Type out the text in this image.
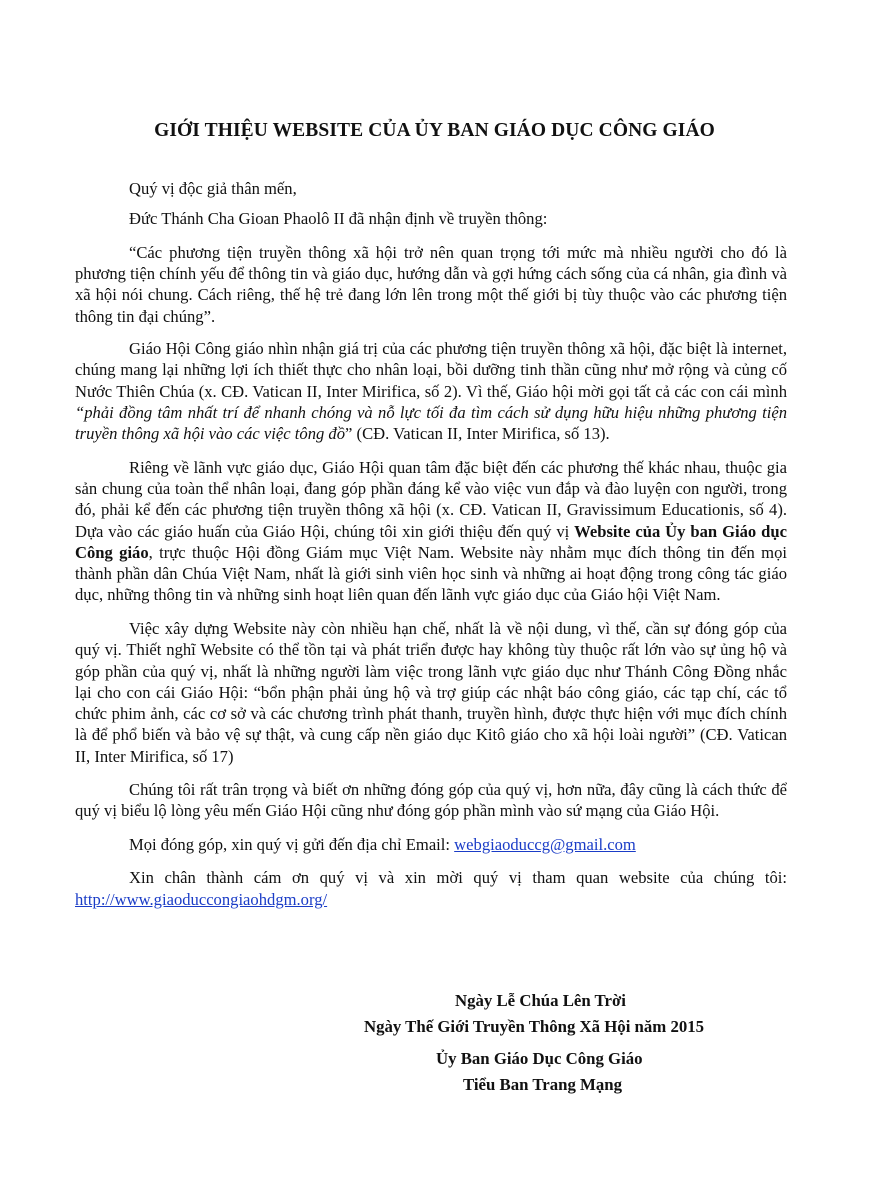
GIỚI THIỆU WEBSITE CỦA ỦY BAN GIÁO DỤC CÔNG GIÁO

Quý vị độc giả thân mến,

Đức Thánh Cha Gioan Phaolô II đã nhận định về truyền thông:

“Các phương tiện truyền thông xã hội trở nên quan trọng tới mức mà nhiều người cho đó là phương tiện chính yếu để thông tin và giáo dục, hướng dẫn và gợi hứng cách sống của cá nhân, gia đình và xã hội nói chung. Cách riêng, thế hệ trẻ đang lớn lên trong một thế giới bị tùy thuộc vào các phương tiện thông tin đại chúng”.

Giáo Hội Công giáo nhìn nhận giá trị của các phương tiện truyền thông xã hội, đặc biệt là internet, chúng mang lại những lợi ích thiết thực cho nhân loại, bồi dưỡng tinh thần cũng như mở rộng và củng cố Nước Thiên Chúa (x. CĐ. Vatican II, Inter Mirifica, số 2). Vì thế, Giáo hội mời gọi tất cả các con cái mình “phải đồng tâm nhất trí để nhanh chóng và nỗ lực tối đa tìm cách sử dụng hữu hiệu những phương tiện truyền thông xã hội vào các việc tông đồ” (CĐ. Vatican II, Inter Mirifica, số 13).

Riêng về lãnh vực giáo dục, Giáo Hội quan tâm đặc biệt đến các phương thế khác nhau, thuộc gia sản chung của toàn thể nhân loại, đang góp phần đáng kể vào việc vun đắp và đào luyện con người, trong đó, phải kể đến các phương tiện truyền thông xã hội (x. CĐ. Vatican II, Gravissimum Educationis, số 4). Dựa vào các giáo huấn của Giáo Hội, chúng tôi xin giới thiệu đến quý vị Website của Ủy ban Giáo dục Công giáo, trực thuộc Hội đồng Giám mục Việt Nam. Website này nhằm mục đích thông tin đến mọi thành phần dân Chúa Việt Nam, nhất là giới sinh viên học sinh và những ai hoạt động trong công tác giáo dục, những thông tin và những sinh hoạt liên quan đến lãnh vực giáo dục của Giáo hội Việt Nam.

Việc xây dựng Website này còn nhiều hạn chế, nhất là về nội dung, vì thế, cần sự đóng góp của quý vị. Thiết nghĩ Website có thể tồn tại và phát triển được hay không tùy thuộc rất lớn vào sự ủng hộ và góp phần của quý vị, nhất là những người làm việc trong lãnh vực giáo dục như Thánh Công Đồng nhắc lại cho con cái Giáo Hội: “bổn phận phải ủng hộ và trợ giúp các nhật báo công giáo, các tạp chí, các tổ chức phim ảnh, các cơ sở và các chương trình phát thanh, truyền hình, được thực hiện với mục đích chính là để phổ biến và bảo vệ sự thật, và cung cấp nền giáo dục Kitô giáo cho xã hội loài người” (CĐ. Vatican II, Inter Mirifica, số 17)

Chúng tôi rất trân trọng và biết ơn những đóng góp của quý vị, hơn nữa, đây cũng là cách thức để quý vị biểu lộ lòng yêu mến Giáo Hội cũng như đóng góp phần mình vào sứ mạng của Giáo Hội.

Mọi đóng góp, xin quý vị gửi đến địa chỉ Email: webgiaoduccg@gmail.com

Xin chân thành cám ơn quý vị và xin mời quý vị tham quan website của chúng tôi: http://www.giaoduccongiaohdgm.org/

Ngày Lễ Chúa Lên Trời
Ngày Thế Giới Truyền Thông Xã Hội năm 2015
Ủy Ban Giáo Dục Công Giáo
Tiểu Ban Trang Mạng
